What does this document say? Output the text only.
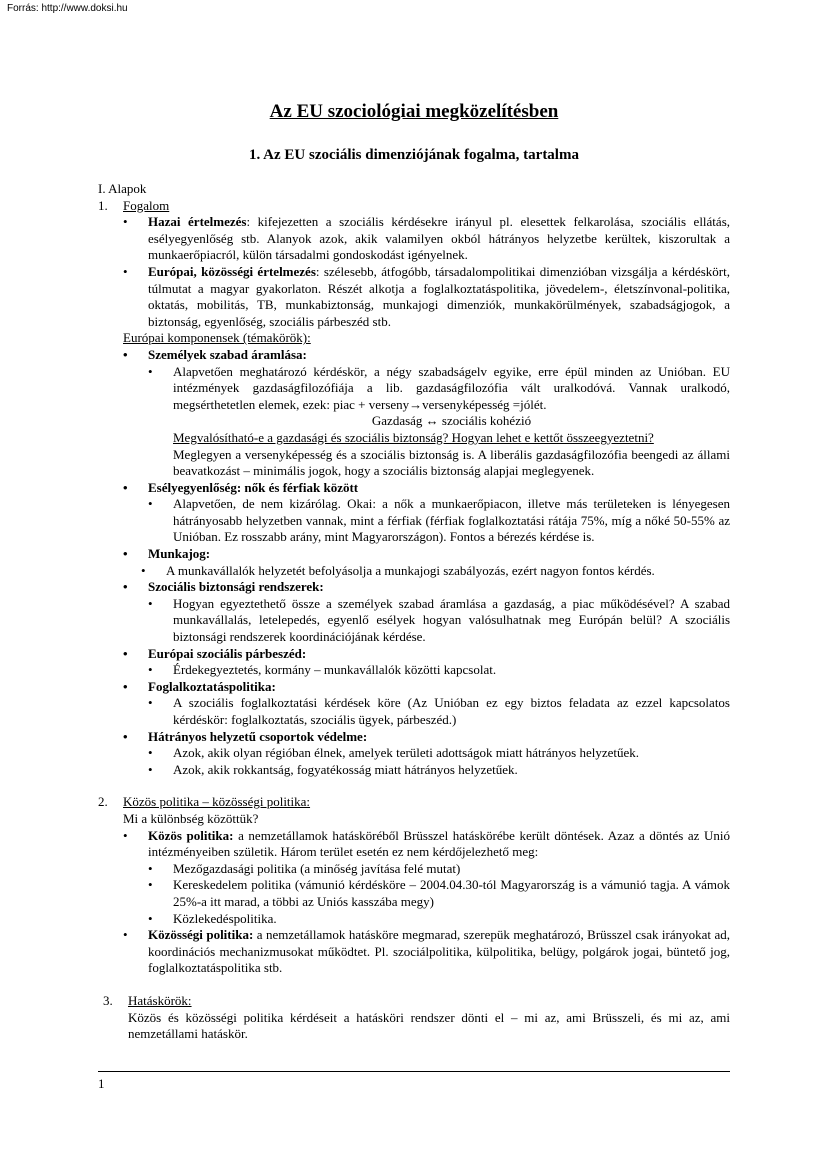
Forrás: http://www.doksi.hu
Az EU szociológiai megközelítésben
1. Az EU szociális dimenziójának fogalma, tartalma

I. Alapok

1. Fogalom
• Hazai értelmezés: kifejezetten a szociális kérdésekre irányul pl. elesettek felkarolása, szociális ellátás, esélyegyenlőség stb. Alanyok azok, akik valamilyen okból hátrányos helyzetbe kerültek, kiszorultak a munkaerőpiacról, külön társadalmi gondoskodást igényelnek.
• Európai, közösségi értelmezés: szélesebb, átfogóbb, társadalompolitikai dimenzióban vizsgálja a kérdéskört, túlmutat a magyar gyakorlaton. Részét alkotja a foglalkoztatáspolitika, jövedelem-, életszínvonal-politika, oktatás, mobilitás, TB, munkabiztonság, munkajogi dimenziók, munkakörülmények, szabadságjogok, a biztonság, egyenlőség, szociális párbeszéd stb.

Európai komponensek (témakörök):

• Személyek szabad áramlása:
• Alapvetően meghatározó kérdéskör, a négy szabadságelv egyike, erre épül minden az Unióban. EU intézmények gazdaságfilozófiája a lib. gazdaságfilozófia vált uralkodóvá. Vannak uralkodó, megsérthetetlen elemek, ezek: piac + verseny→versenyképesség =jólét.

Gazdaság ↔ szociális kohézió

Megvalósítható-e a gazdasági és szociális biztonság? Hogyan lehet e kettőt összeegyeztetni?

Meglegyen a versenyképesség és a szociális biztonság is. A liberális gazdaságfilozófia beengedi az állami beavatkozást – minimális jogok, hogy a szociális biztonság alapjai meglegyenek.

• Esélyegyenlőség: nők és férfiak között
• Alapvetően, de nem kizárólag. Okai: a nők a munkaerőpiacon, illetve más területeken is lényegesen hátrányosabb helyzetben vannak, mint a férfiak (férfiak foglalkoztatási rátája 75%, míg a nőké 50-55% az Unióban. Ez rosszabb arány, mint Magyarországon). Fontos a bérezés kérdése is.
• Munkajog:
• A munkavállalók helyzetét befolyásolja a munkajogi szabályozás, ezért nagyon fontos kérdés.
• Szociális biztonsági rendszerek:
• Hogyan egyeztethető össze a személyek szabad áramlása a gazdaság, a piac működésével? A szabad munkavállalás, letelepedés, egyenlő esélyek hogyan valósulhatnak meg Európán belül? A szociális biztonsági rendszerek koordinációjának kérdése.
• Európai szociális párbeszéd:
• Érdekegyeztetés, kormány – munkavállalók közötti kapcsolat.
• Foglalkoztatáspolitika:
• A szociális foglalkoztatási kérdések köre (Az Unióban ez egy biztos feladata az ezzel kapcsolatos kérdéskör: foglalkoztatás, szociális ügyek, párbeszéd.)
• Hátrányos helyzetű csoportok védelme:
• Azok, akik olyan régióban élnek, amelyek területi adottságok miatt hátrányos helyzetűek.
• Azok, akik rokkantság, fogyatékosság miatt hátrányos helyzetűek.
2. Közös politika – közösségi politika:

Mi a különbség közöttük?

• Közös politika: a nemzetállamok hatásköréből Brüsszel hatáskörébe került döntések. Azaz a döntés az Unió intézményeiben születik. Három terület esetén ez nem kérdőjelezhető meg:
• Mezőgazdasági politika (a minőség javítása felé mutat)
• Kereskedelem politika (vámunió kérdésköre – 2004.04.30-tól Magyarország is a vámunió tagja. A vámok 25%-a itt marad, a többi az Uniós kasszába megy)
• Közlekedéspolitika.
• Közösségi politika: a nemzetállamok hatásköre megmarad, szerepük meghatározó, Brüsszel csak irányokat ad, koordinációs mechanizmusokat működtet. Pl. szociálpolitika, külpolitika, belügy, polgárok jogai, büntető jog, foglalkoztatáspolitika stb.
3. Hatáskörök:

Közös és közösségi politika kérdéseit a hatásköri rendszer dönti el – mi az, ami Brüsszeli, és mi az, ami nemzetállami hatáskör.

1
